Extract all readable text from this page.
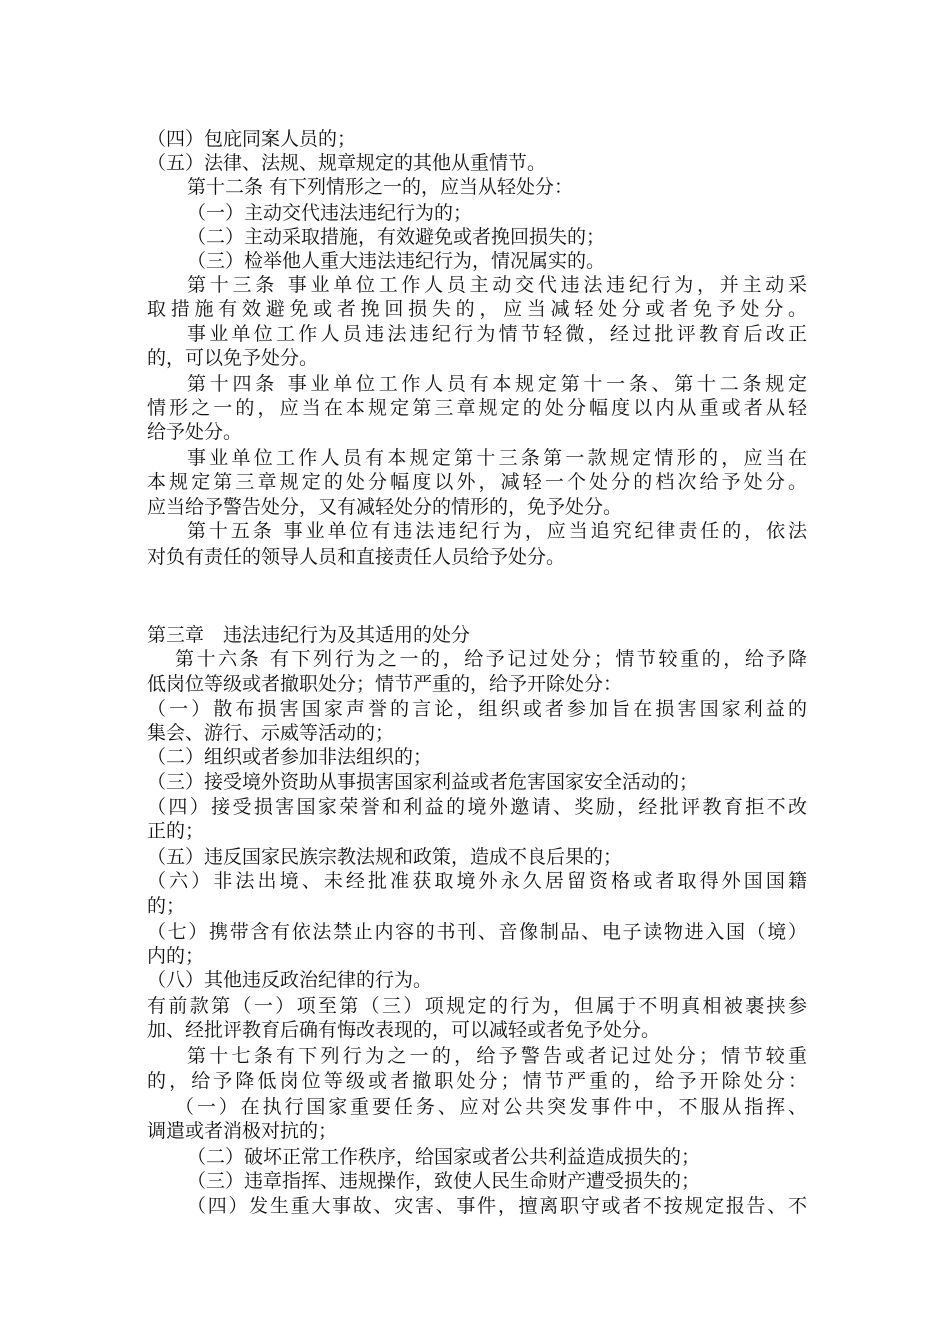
（四）包庇同案人员的；
（五）法律、法规、规章规定的其他从重情节。
第十二条 有下列情形之一的，应当从轻处分：
（一）主动交代违法违纪行为的；
（二）主动采取措施，有效避免或者挽回损失的；
（三）检举他人重大违法违纪行为，情况属实的。
第十三条 事业单位工作人员主动交代违法违纪行为，并主动采
取措施有效避免或者挽回损失的，应当减轻处分或者免予处分。
事业单位工作人员违法违纪行为情节轻微，经过批评教育后改正
的，可以免予处分。
第十四条 事业单位工作人员有本规定第十一条、第十二条规定
情形之一的，应当在本规定第三章规定的处分幅度以内从重或者从轻
给予处分。
事业单位工作人员有本规定第十三条第一款规定情形的，应当在
本规定第三章规定的处分幅度以外，减轻一个处分的档次给予处分。
应当给予警告处分，又有减轻处分的情形的，免予处分。
第十五条 事业单位有违法违纪行为，应当追究纪律责任的，依法
对负有责任的领导人员和直接责任人员给予处分。
第三章　违法违纪行为及其适用的处分
第十六条 有下列行为之一的，给予记过处分；情节较重的，给予降
低岗位等级或者撤职处分；情节严重的，给予开除处分：
（一）散布损害国家声誉的言论，组织或者参加旨在损害国家利益的
集会、游行、示威等活动的；
（二）组织或者参加非法组织的；
（三）接受境外资助从事损害国家利益或者危害国家安全活动的；
（四）接受损害国家荣誉和利益的境外邀请、奖励，经批评教育拒不改
正的；
（五）违反国家民族宗教法规和政策，造成不良后果的；
（六）非法出境、未经批准获取境外永久居留资格或者取得外国国籍
的；
（七）携带含有依法禁止内容的书刊、音像制品、电子读物进入国（境）
内的；
（八）其他违反政治纪律的行为。
有前款第（一）项至第（三）项规定的行为，但属于不明真相被裹挟参
加、经批评教育后确有悔改表现的，可以减轻或者免予处分。
第十七条有下列行为之一的，给予警告或者记过处分；情节较重
的，给予降低岗位等级或者撤职处分；情节严重的，给予开除处分：
（一）在执行国家重要任务、应对公共突发事件中，不服从指挥、
调遣或者消极对抗的；
（二）破坏正常工作秩序，给国家或者公共利益造成损失的；
（三）违章指挥、违规操作，致使人民生命财产遭受损失的；
（四）发生重大事故、灾害、事件，擅离职守或者不按规定报告、不
